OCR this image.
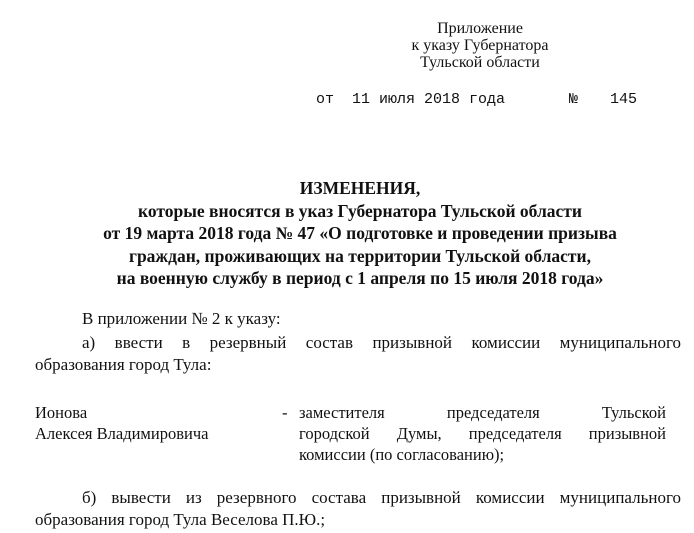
Приложение
к указу Губернатора
Тульской области

от

11 июля 2018 года

	№

145

ИЗМЕНЕНИЯ,
которые вносятся в указ Губернатора Тульской области
от 19 марта 2018 года № 47 «О подготовке и проведении призыва
граждан, проживающих на территории Тульской области,
на военную службу в период с 1 апреля по 15 июля 2018 года»
В приложении № 2 к указу:
а) ввести в резервный состав призывной комиссии муниципального
образования город Тула:
Ионова
Алексея Владимировича
- заместителя председателя Тульской
городской Думы, председателя призывной
комиссии (по согласованию);
б) вывести из резервного состава призывной комиссии муниципального
образования город Тула Веселова П.Ю.;
